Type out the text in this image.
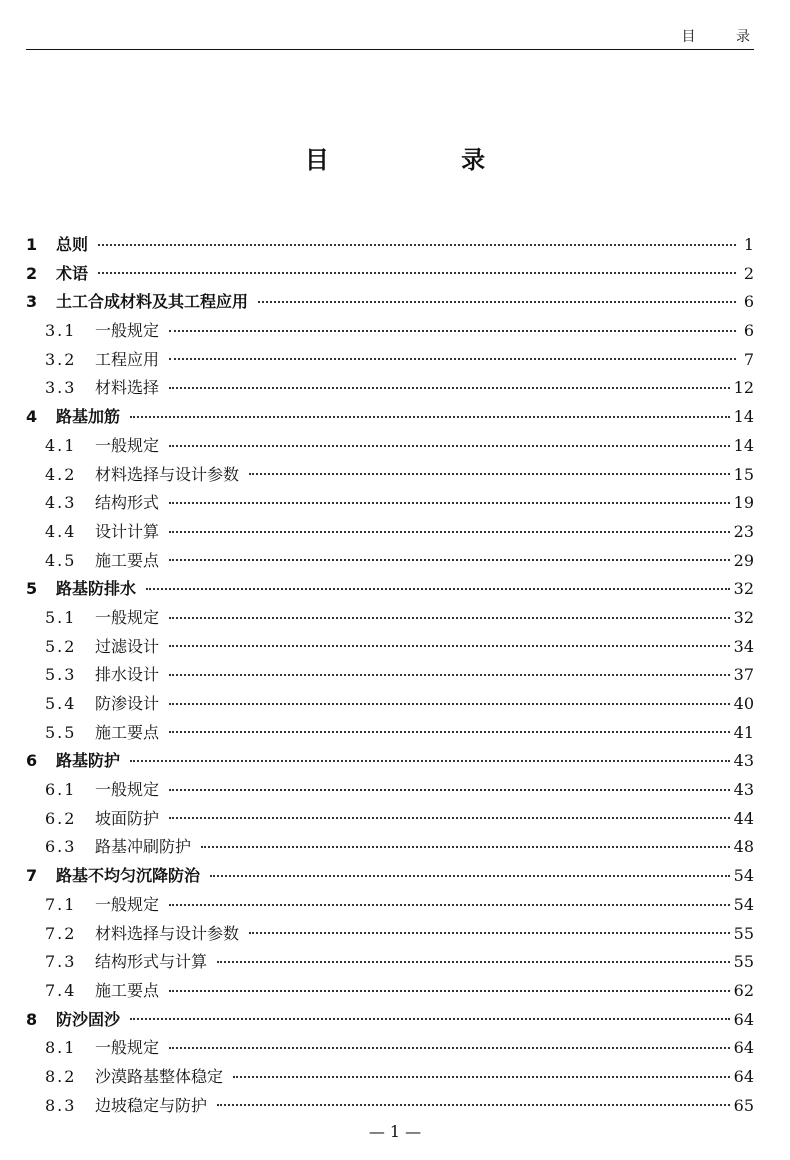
目 录
目 录
1	总则	1
2	术语	2
3	土工合成材料及其工程应用	6
3.1	一般规定	6
3.2	工程应用	7
3.3	材料选择	12
4	路基加筋	14
4.1	一般规定	14
4.2	材料选择与设计参数	15
4.3	结构形式	19
4.4	设计计算	23
4.5	施工要点	29
5	路基防排水	32
5.1	一般规定	32
5.2	过滤设计	34
5.3	排水设计	37
5.4	防渗设计	40
5.5	施工要点	41
6	路基防护	43
6.1	一般规定	43
6.2	坡面防护	44
6.3	路基冲刷防护	48
7	路基不均匀沉降防治	54
7.1	一般规定	54
7.2	材料选择与设计参数	55
7.3	结构形式与计算	55
7.4	施工要点	62
8	防沙固沙	64
8.1	一般规定	64
8.2	沙漠路基整体稳定	64
8.3	边坡稳定与防护	65
— 1 —
